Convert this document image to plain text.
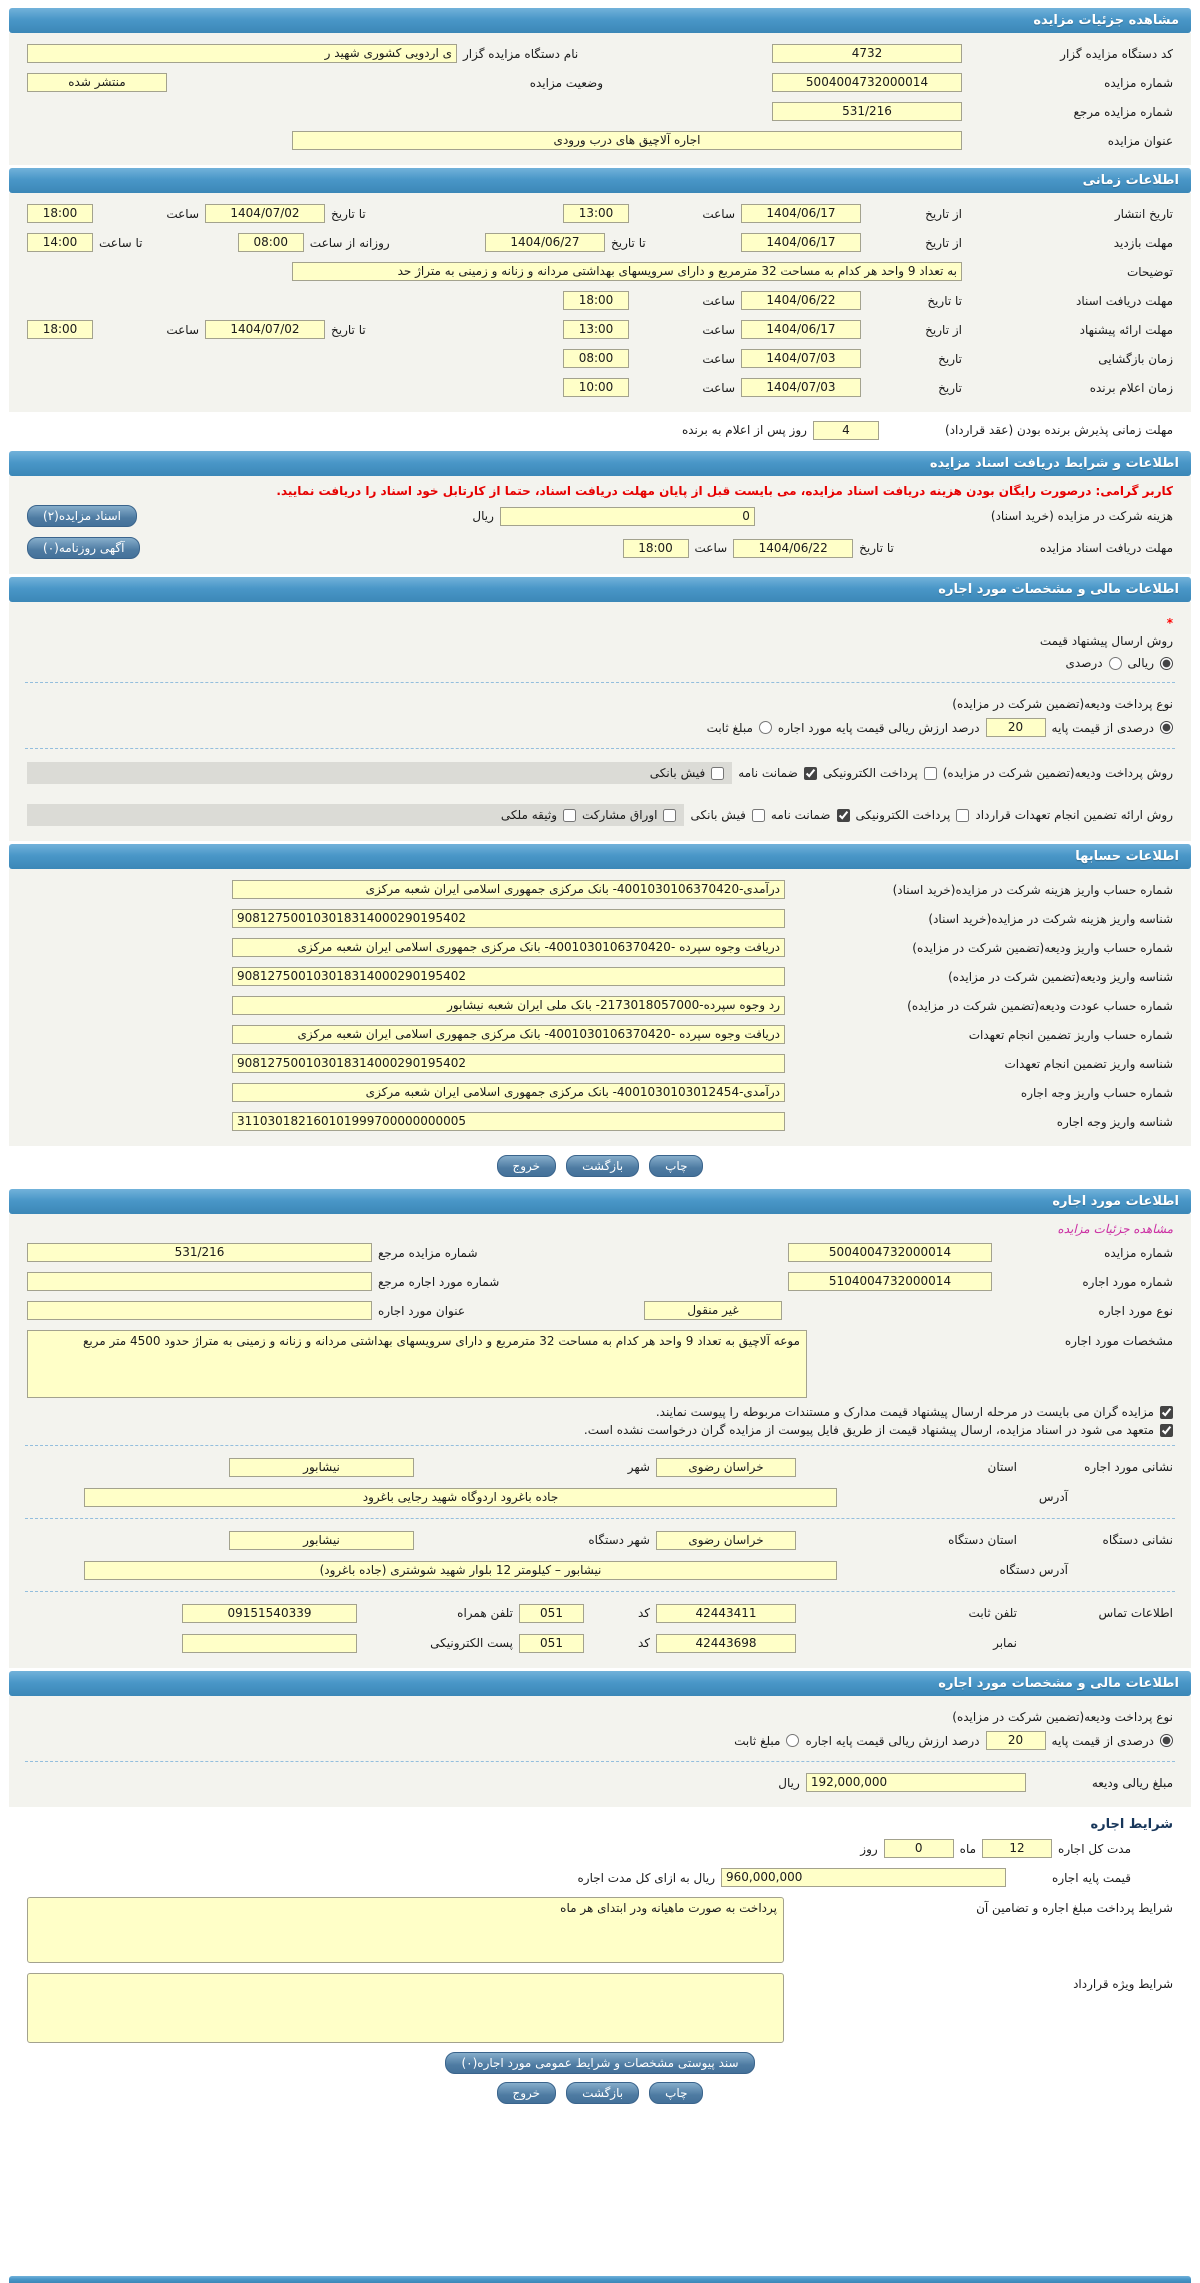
مشاهده جزئیات مزایده
کد دستگاه مزایده گزار
4732
نام دستگاه مزایده گزار
ی اردویی کشوری شهید ر
شماره مزایده
5004004732000014
وضعیت مزایده
منتشر شده
شماره مزایده مرجع
531/216
عنوان مزایده
اجاره آلاچیق های درب ورودی
اطلاعات زمانی
تاریخ انتشار
از تاریخ
1404/06/17
ساعت
13:00
تا تاریخ
1404/07/02
ساعت
18:00
مهلت بازدید
از تاریخ
1404/06/17
تا تاریخ
1404/06/27
روزانه از ساعت
08:00
تا ساعت
14:00
توضیحات
به تعداد 9 واحد هر کدام به مساحت 32 مترمربع و دارای سرویسهای بهداشتی مردانه و زنانه و زمینی به متراژ حد
مهلت دریافت اسناد
تا تاریخ
1404/06/22
ساعت
18:00
مهلت ارائه پیشنهاد
از تاریخ
1404/06/17
ساعت
13:00
تا تاریخ
1404/07/02
ساعت
18:00
زمان بازگشایی
تاریخ
1404/07/03
ساعت
08:00
زمان اعلام برنده
تاریخ
1404/07/03
ساعت
10:00
مهلت زمانی پذیرش برنده بودن (عقد قرارداد)
4
روز پس از اعلام به برنده
اطلاعات و شرایط دریافت اسناد مزایده
کاربر گرامی: درصورت رایگان بودن هزینه دریافت اسناد مزایده، می بایست قبل از پایان مهلت دریافت اسناد، حتما از کارتابل خود اسناد را دریافت نمایید.
هزینه شرکت در مزایده (خرید اسناد)
0
ریال
اسناد مزایده(۲)
مهلت دریافت اسناد مزایده
تا تاریخ
1404/06/22
ساعت
18:00
آگهی روزنامه(۰)
اطلاعات مالی و مشخصات مورد اجاره
*
روش ارسال پیشنهاد قیمت
ریالی
درصدی
نوع پرداخت ودیعه(تضمین شرکت در مزایده)
درصدی از قیمت پایه
20
درصد ارزش ریالی قیمت پایه مورد اجاره
مبلغ ثابت
روش پرداخت ودیعه(تضمین شرکت در مزایده)
پرداخت الکترونیکی
ضمانت نامه
فیش بانکی
روش ارائه تضمین انجام تعهدات قرارداد
پرداخت الکترونیکی
ضمانت نامه
فیش بانکی
اوراق مشارکت
وثیقه ملکی
اطلاعات حسابها
شماره حساب واریز هزینه شرکت در مزایده(خرید اسناد)
درآمدی-4001030106370420- بانک مرکزی جمهوری اسلامی ایران شعبه مرکزی
شناسه واریز هزینه شرکت در مزایده(خرید اسناد)
908127500103018314000290195402
شماره حساب واریز ودیعه(تضمین شرکت در مزایده)
دریافت وجوه سپرده -4001030106370420- بانک مرکزی جمهوری اسلامی ایران شعبه مرکزی
شناسه واریز ودیعه(تضمین شرکت در مزایده)
908127500103018314000290195402
شماره حساب عودت ودیعه(تضمین شرکت در مزایده)
رد وجوه سپرده-2173018057000- بانک ملی ایران شعبه نیشابور
شماره حساب واریز تضمین انجام تعهدات
دریافت وجوه سپرده -4001030106370420- بانک مرکزی جمهوری اسلامی ایران شعبه مرکزی
شناسه واریز تضمین انجام تعهدات
908127500103018314000290195402
شماره حساب واریز وجه اجاره
درآمدی-4001030103012454- بانک مرکزی جمهوری اسلامی ایران شعبه مرکزی
شناسه واریز وجه اجاره
311030182160101999700000000005
چاپ
بازگشت
خروج
اطلاعات مورد اجاره
مشاهده جزئیات مزایده
شماره مزایده
5004004732000014
شماره مزایده مرجع
531/216
شماره مورد اجاره
5104004732000014
شماره مورد اجاره مرجع
نوع مورد اجاره
غیر منقول
عنوان مورد اجاره
مشخصات مورد اجاره
موعه آلاچیق به تعداد 9 واحد هر کدام به مساحت 32 مترمربع و دارای سرویسهای بهداشتی مردانه و زنانه و زمینی به متراژ حدود 4500 متر مربع
مزایده گران می بایست در مرحله ارسال پیشنهاد قیمت مدارک و مستندات مربوطه را پیوست نمایند.
متعهد می شود در اسناد مزایده، ارسال پیشنهاد قیمت از طریق فایل پیوست از مزایده گران درخواست نشده است.
نشانی مورد اجاره
استان
خراسان رضوی
شهر
نیشابور
آدرس
جاده باغرود اردوگاه شهید رجایی باغرود
نشانی دستگاه
استان دستگاه
خراسان رضوی
شهر دستگاه
نیشابور
آدرس دستگاه
نیشابور – کیلومتر 12 بلوار شهید شوشتری (جاده باغرود)
اطلاعات تماس
تلفن ثابت
42443411
کد
051
تلفن همراه
09151540339
نمابر
42443698
کد
051
پست الکترونیکی
اطلاعات مالی و مشخصات مورد اجاره
نوع پرداخت ودیعه(تضمین شرکت در مزایده)
درصدی از قیمت پایه
20
درصد ارزش ریالی قیمت پایه اجاره
مبلغ ثابت
مبلغ ریالی ودیعه
192,000,000
ریال
شرایط اجاره
مدت کل اجاره
12
ماه
0
روز
قیمت پایه اجاره
960,000,000
ریال به ازای کل مدت اجاره
شرایط پرداخت مبلغ اجاره و تضامین آن
پرداخت به صورت ماهیانه ودر ابتدای هر ماه
شرایط ویژه قرارداد
سند پیوستی مشخصات و شرایط عمومی مورد اجاره(۰)
چاپ
بازگشت
خروج
